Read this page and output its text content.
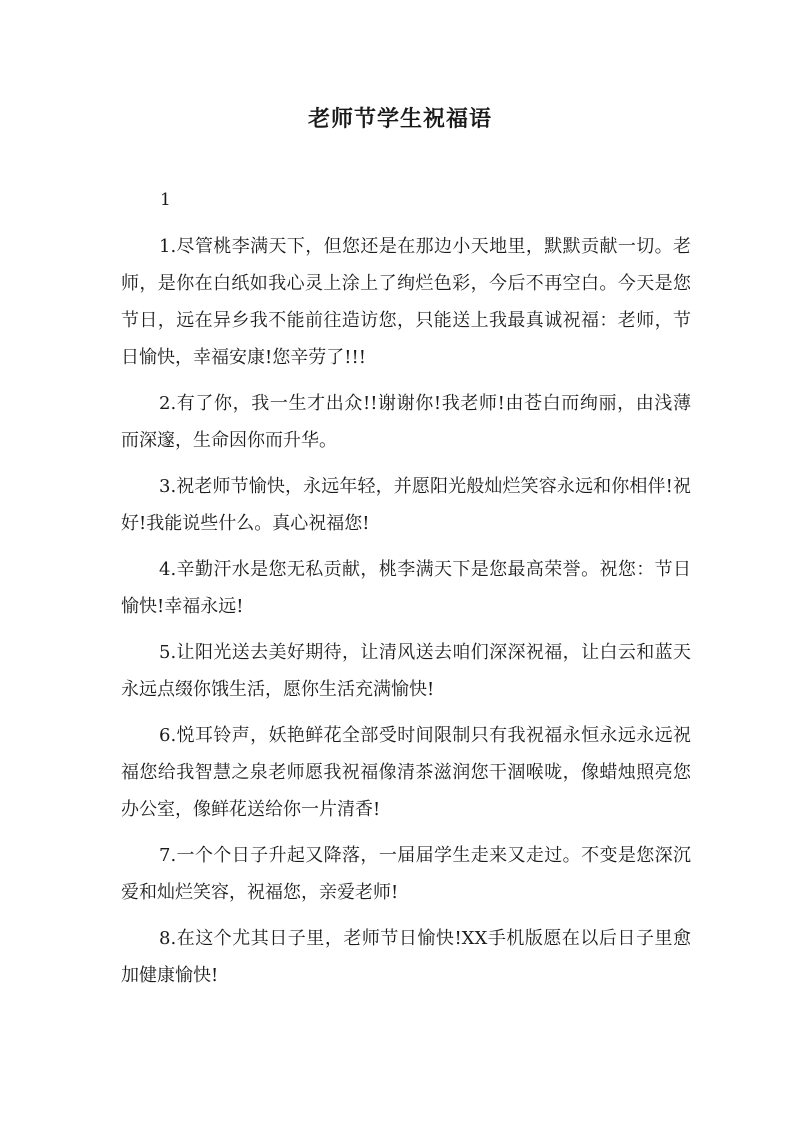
老师节学生祝福语
1

1.尽管桃李满天下，但您还是在那边小天地里，默默贡献一切。老师，是你在白纸如我心灵上涂上了绚烂色彩，今后不再空白。今天是您节日，远在异乡我不能前往造访您，只能送上我最真诚祝福：老师，节日愉快，幸福安康!您辛劳了!!!

2.有了你，我一生才出众!!谢谢你!我老师!由苍白而绚丽，由浅薄而深邃，生命因你而升华。

3.祝老师节愉快，永远年轻，并愿阳光般灿烂笑容永远和你相伴!祝好!我能说些什么。真心祝福您!

4.辛勤汗水是您无私贡献，桃李满天下是您最高荣誉。祝您：节日愉快!幸福永远!

5.让阳光送去美好期待，让清风送去咱们深深祝福，让白云和蓝天永远点缀你饿生活，愿你生活充满愉快!

6.悦耳铃声，妖艳鲜花全部受时间限制只有我祝福永恒永远永远祝福您给我智慧之泉老师愿我祝福像清茶滋润您干涸喉咙，像蜡烛照亮您办公室，像鲜花送给你一片清香!

7.一个个日子升起又降落，一届届学生走来又走过。不变是您深沉爱和灿烂笑容，祝福您，亲爱老师!

8.在这个尤其日子里，老师节日愉快!XX手机版愿在以后日子里愈加健康愉快!
